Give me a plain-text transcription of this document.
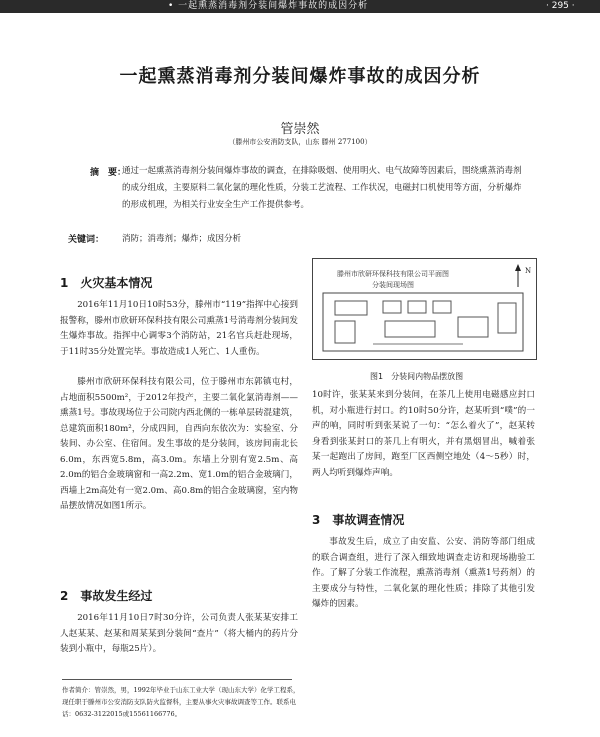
• 一起熏蒸消毒剂分装间爆炸事故的成因分析	· 295 ·
一起熏蒸消毒剂分装间爆炸事故的成因分析
管崇然
（滕州市公安消防支队，山东 滕州 277100）
摘　要：
通过一起熏蒸消毒剂分装间爆炸事故的调查，在排除吸烟、使用明火、电气故障等因素后，围绕熏蒸消毒剂的成分组成，主要原料二氧化氯的理化性质，分装工艺流程、工作状况，电磁封口机使用等方面，分析爆炸的形成机理，为相关行业安全生产工作提供参考。
关键词： 消防；消毒剂；爆炸；成因分析
1　火灾基本情况
2016年11月10日10时53分，滕州市“119”指挥中心接到报警称，滕州市欣研环保科技有限公司熏蒸1号消毒剂分装间发生爆炸事故。指挥中心调零3个消防站，21名官兵赶赴现场，于11时35分处置完毕。事故造成1人死亡、1人重伤。
滕州市欣研环保科技有限公司，位于滕州市东郭镇屯村，占地面积5500m²，于2012年投产，主要二氧化氯消毒剂——熏蒸1号。事故现场位于公司院内西北侧的一栋单层砖混建筑，总建筑面积180m²，分成四间，自西向东依次为：实验室、分装间、办公室、住宿间。发生事故的是分装间，该房间南北长6.0m，东西宽5.8m，高3.0m。东墙上分别有宽2.5m、高2.0m的铝合金玻璃窗和一高2.2m、宽1.0m的铝合金玻璃门，西墙上2m高处有一宽2.0m、高0.8m的铝合金玻璃窗，室内物品摆放情况如图1所示。
2　事故发生经过
2016年11月10日7时30分许，公司负责人张某某安排工人赵某某、赵某和周某某到分装间“查片”（将大桶内的药片分装到小瓶中，每瓶25片）。
作者简介：管崇然，男，1992年毕业于山东工业大学（现山东大学）化学工程系，现任职于滕州市公安消防支队防火监督科，主要从事火灾事故调查等工作。联系电话：0632-3122015或15561166776。
滕州市欣研环保科技有限公司平面图
分装间现场图
N
图1　分装间内物品摆放图
10时许，张某某来到分装间，在茶几上使用电磁感应封口机，对小瓶进行封口。约10时50分许，赵某听到“噗”的一声的响，同时听到张某说了一句：“怎么着火了”，赵某转身看到张某封口的茶几上有明火，并有黑烟冒出，喊着张某一起跑出了房间，跑至厂区西侧空地处（4～5秒）时，两人均听到爆炸声响。
3　事故调查情况
事故发生后，成立了由安监、公安、消防等部门组成的联合调查组，进行了深入细致地调查走访和现场勘验工作。了解了分装工作流程，熏蒸消毒剂（熏蒸1号药剂）的主要成分与特性，二氧化氯的理化性质；排除了其他引发爆炸的因素。
